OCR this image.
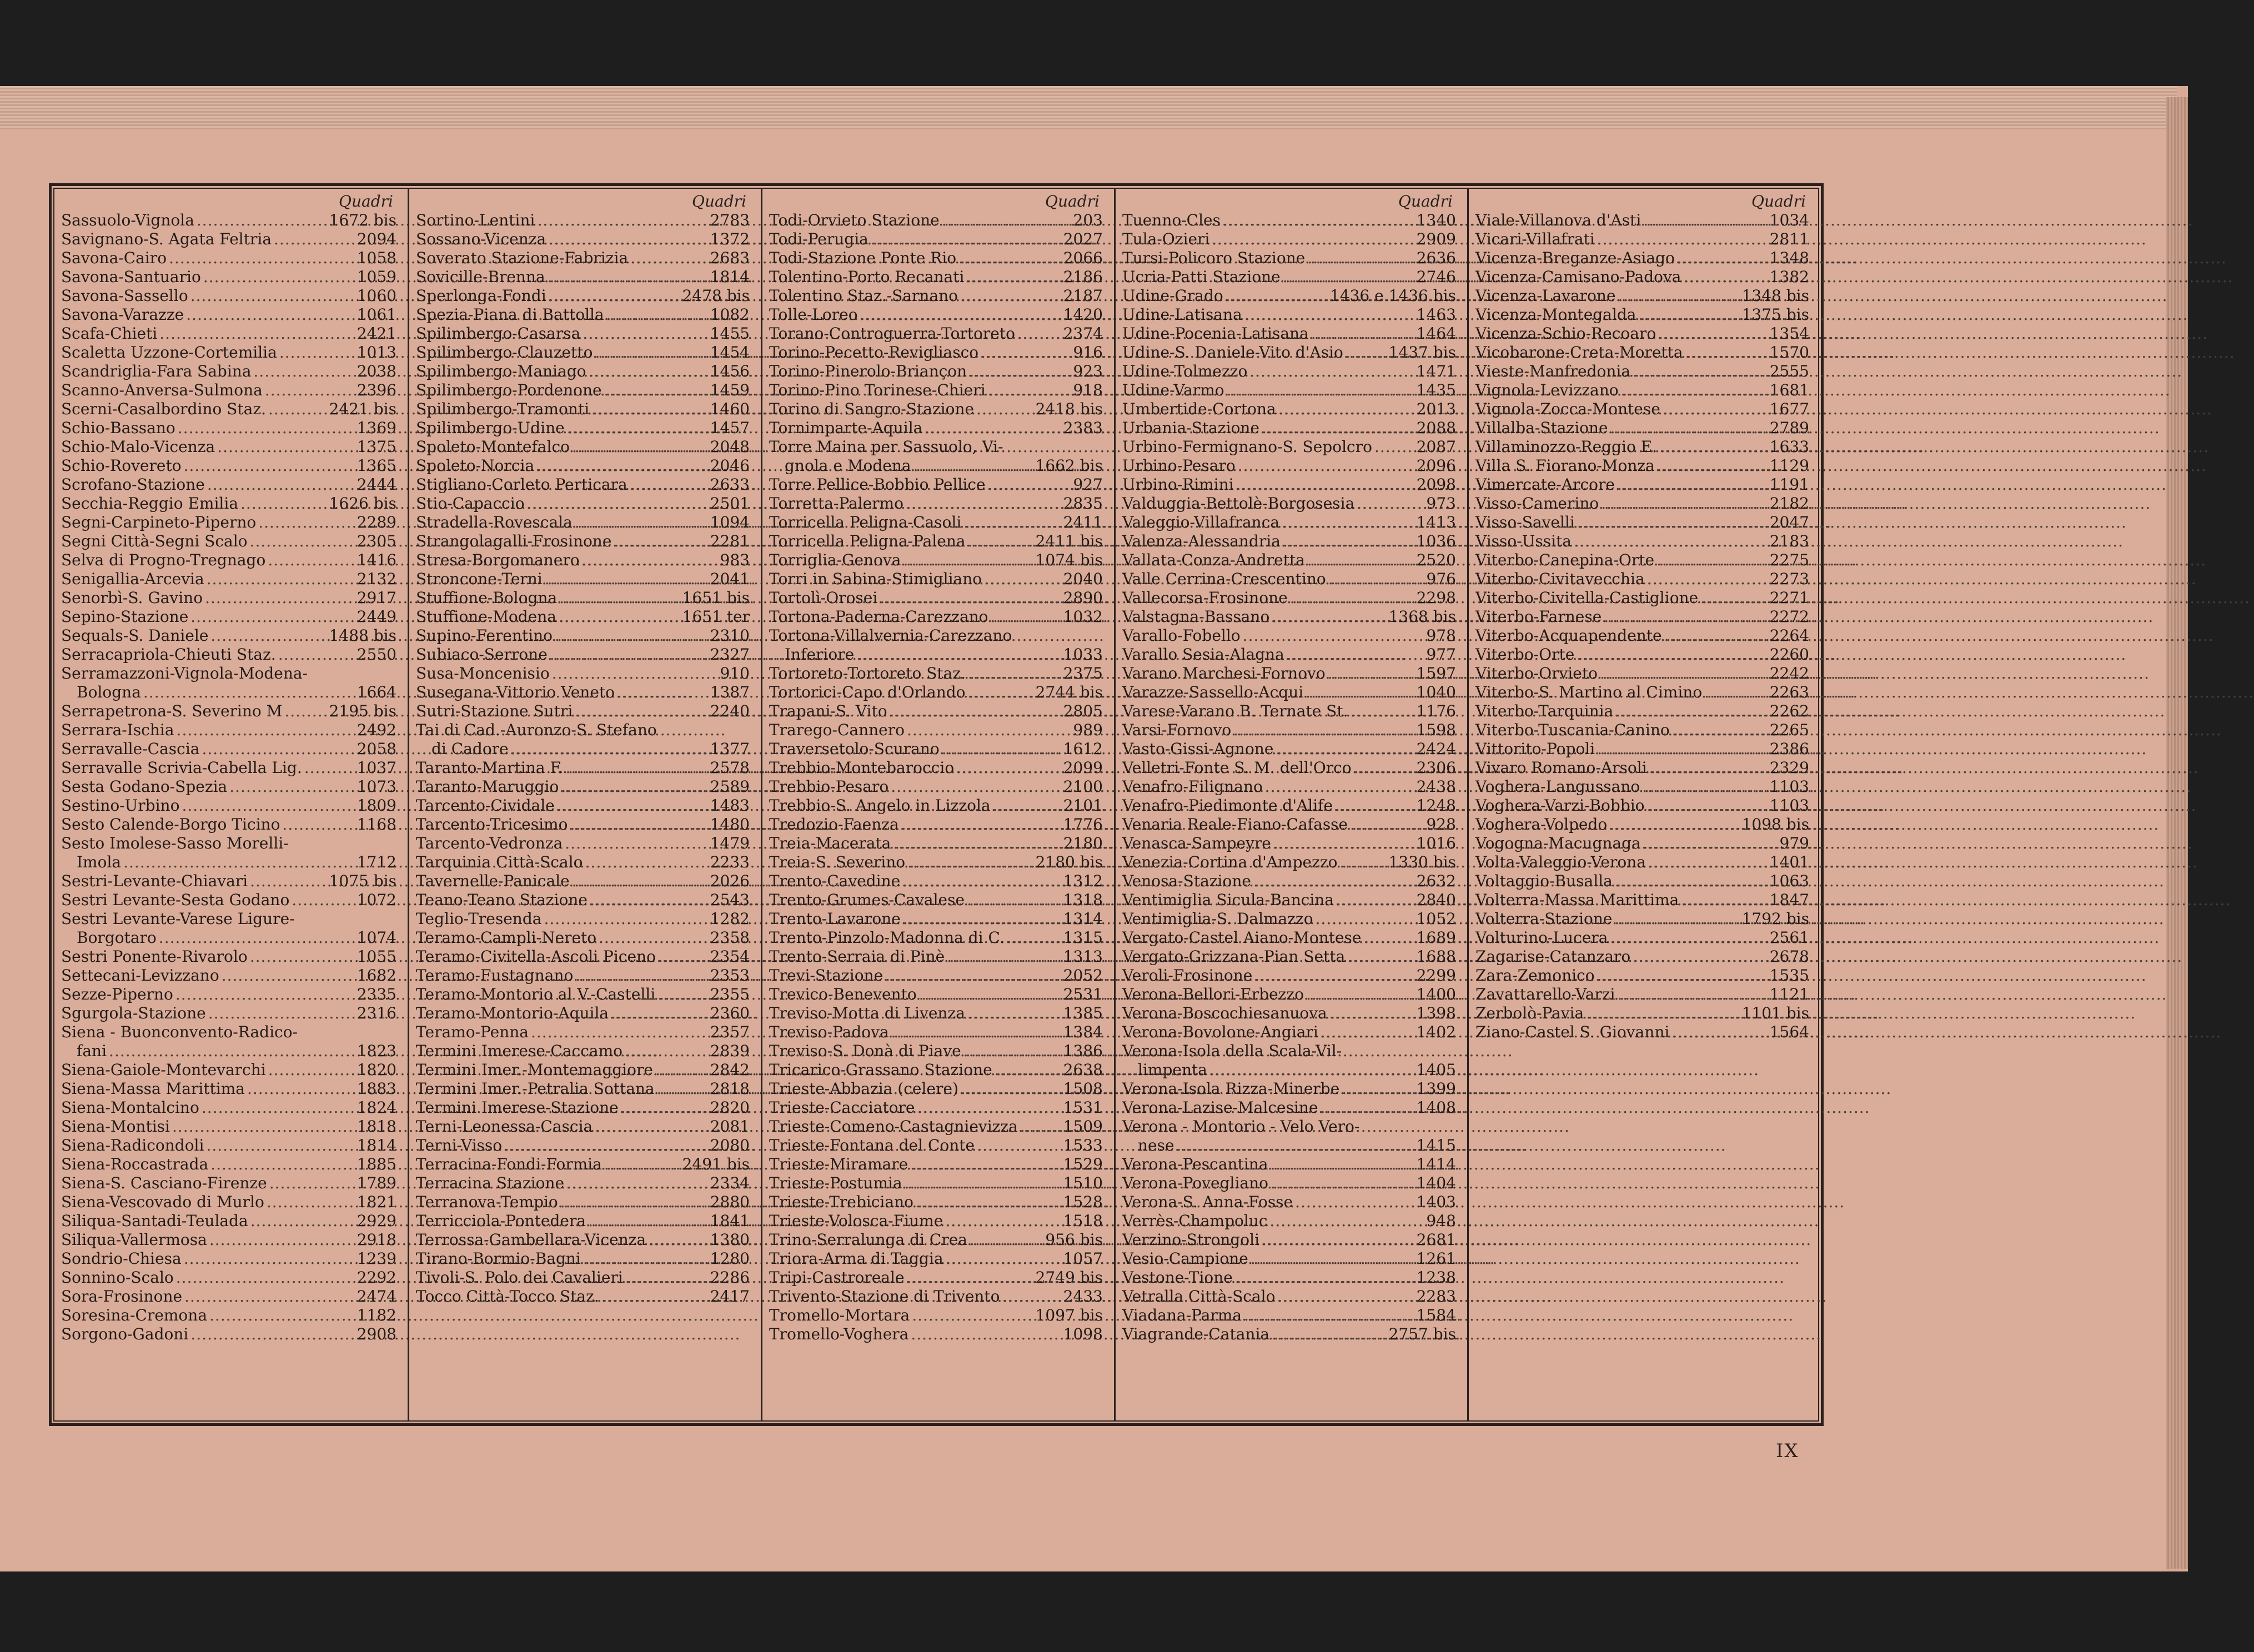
Quadri
Sassuolo-Vignola .....	1672 bis
Savignano-S. Agata Feltria .....	2094
Savona-Cairo .....	1058
Savona-Santuario .....	1059
Savona-Sassello .....	1060
Savona-Varazze .....	1061
Scafa-Chieti .....	2421
Scaletta Uzzone-Cortemilia .....	1013
Scandriglia-Fara Sabina .....	2038
Scanno-Anversa-Sulmona .....	2396
Scerni-Casalbordino Staz. .....	2421 bis
Schio-Bassano .....	1369
Schio-Malo-Vicenza .....	1375
Schio-Rovereto .....	1365
Scrofano-Stazione .....	2444
Secchia-Reggio Emilia .....	1626 bis
Segni-Carpineto-Piperno .....	2289
Segni Città-Segni Scalo .....	2305
Selva di Progno-Tregnago .....	1416
Senigallia-Arcevia .....	2132
Senorbì-S. Gavino .....	2917
Sepino-Stazione .....	2449
Sequals-S. Daniele .....	1488 bis
Serracapriola-Chieuti Staz. .....	2550
Serramazzoni-Vignola-Modena-
Bologna .....	1664
Serrapetrona-S. Severino M .....	2195 bis
Serrara-Ischia .....	2492
Serravalle-Cascia .....	2058
Serravalle Scrivia-Cabella Lig. .....	1037
Sesta Godano-Spezia .....	1073
Sestino-Urbino .....	1809
Sesto Calende-Borgo Ticino .....	1168
Sesto Imolese-Sasso Morelli-
Imola .....	1712
Sestri-Levante-Chiavari .....	1075 bis
Sestri Levante-Sesta Godano .....	1072
Sestri Levante-Varese Ligure-
Borgotaro .....	1074
Sestri Ponente-Rivarolo .....	1055
Settecani-Levizzano .....	1682
Sezze-Piperno .....	2335
Sgurgola-Stazione .....	2316
Siena - Buonconvento-Radico-
fani .....	1823
Siena-Gaiole-Montevarchi .....	1820
Siena-Massa Marittima .....	1883
Siena-Montalcino .....	1824
Siena-Montisi .....	1818
Siena-Radicondoli .....	1814
Siena-Roccastrada .....	1885
Siena-S. Casciano-Firenze .....	1789
Siena-Vescovado di Murlo .....	1821
Siliqua-Santadi-Teulada .....	2929
Siliqua-Vallermosa .....	2918
Sondrio-Chiesa .....	1239
Sonnino-Scalo .....	2292
Sora-Frosinone .....	2474
Soresina-Cremona .....	1182
Sorgono-Gadoni .....	2908
Quadri
Sortino-Lentini .....	2783
Sossano-Vicenza .....	1372
Soverato Stazione-Fabrizia .....	2683
Sovicille-Brenna .....	1814
Sperlonga-Fondi .....	2478 bis
Spezia-Piana di Battolla .....	1082
Spilimbergo-Casarsa .....	1455
Spilimbergo-Clauzetto .....	1454
Spilimbergo-Maniago .....	1456
Spilimbergo-Pordenone .....	1459
Spilimbergo-Tramonti .....	1460
Spilimbergo-Udine .....	1457
Spoleto-Montefalco .....	2048
Spoleto-Norcia .....	2046
Stigliano-Corleto Perticara .....	2633
Stio-Capaccio .....	2501
Stradella-Rovescala .....	1094
Strangolagalli-Frosinone .....	2281
Stresa-Borgomanero .....	983
Stroncone-Terni .....	2041
Stuffione-Bologna .....	1651 bis
Stuffione-Modena .....	1651 ter
Supino-Ferentino .....	2310
Subiaco-Serrone .....	2327
Susa-Moncenisio .....	910
Susegana-Vittorio Veneto .....	1387
Sutri-Stazione Sutri .....	2240
Tai di Cad.-Auronzo-S. Stefano
di Cadore .....	1377
Taranto-Martina F. .....	2578
Taranto-Maruggio .....	2589
Tarcento-Cividale .....	1483
Tarcento-Tricesimo .....	1480
Tarcento-Vedronza .....	1479
Tarquinia Città-Scalo .....	2233
Tavernelle-Panicale .....	2026
Teano-Teano Stazione .....	2543
Teglio-Tresenda .....	1282
Teramo-Campli-Nereto .....	2358
Teramo-Civitella-Ascoli Piceno .....	2354
Teramo-Fustagnano .....	2353
Teramo-Montorio al V.-Castelli .....	2355
Teramo-Montorio-Aquila .....	2360
Teramo-Penna .....	2357
Termini Imerese-Caccamo .....	2839
Termini Imer.-Montemaggiore .....	2842
Termini Imer.-Petralia Sottana .....	2818
Termini Imerese-Stazione .....	2820
Terni-Leonessa-Cascia .....	2081
Terni-Visso .....	2080
Terracina-Fondi-Formia .....	2491 bis
Terracina Stazione .....	2334
Terranova-Tempio .....	2880
Terricciola-Pontedera .....	1841
Terrossa-Gambellara-Vicenza .....	1380
Tirano-Bormio-Bagni .....	1280
Tivoli-S. Polo dei Cavalieri .....	2286
Tocco Città-Tocco Staz. .....	2417
Quadri
Todi-Orvieto Stazione .....	203
Todi-Perugia .....	2027
Todi-Stazione Ponte Rio .....	2066
Tolentino-Porto Recanati .....	2186
Tolentino Staz.-Sarnano .....	2187
Tolle-Loreo .....	1420
Torano-Controguerra-Tortoreto .....	2374
Torino-Pecetto-Revigliasco .....	916
Torino-Pinerolo-Briançon .....	923
Torino-Pino Torinese-Chieri .....	918
Torino di Sangro-Stazione .....	2418 bis
Tornimparte-Aquila .....	2383
Torre Maina per Sassuolo, Vi-
gnola e Modena .....	1662 bis
Torre Pellice-Bobbio Pellice .....	927
Torretta-Palermo .....	2835
Torricella Peligna-Casoli .....	2411
Torricella Peligna-Palena .....	2411 bis
Torriglia-Genova .....	1074 bis
Torri in Sabina-Stimigliano .....	2040
Tortolì-Orosei .....	2890
Tortona-Paderna-Carezzano .....	1032
Tortona-Villalvernia-Carezzano
Inferiore .....	1033
Tortoreto-Tortoreto Staz. .....	2375
Tortorici-Capo d'Orlando .....	2744 bis
Trapani-S. Vito .....	2805
Trarego-Cannero .....	989
Traversetolo-Scurano .....	1612
Trebbio-Montebaroccio .....	2099
Trebbio-Pesaro .....	2100
Trebbio-S. Angelo in Lizzola .....	2101
Tredozio-Faenza .....	1776
Treia-Macerata .....	2180
Treia-S. Severino .....	2180 bis
Trento-Cavedine .....	1312
Trento-Grumes-Cavalese .....	1318
Trento-Lavarone .....	1314
Trento-Pinzolo-Madonna di C. .....	1315
Trento-Serraia di Pinè .....	1313
Trevi-Stazione .....	2052
Trevico-Benevento .....	2531
Treviso-Motta di Livenza .....	1385
Treviso-Padova .....	1384
Treviso-S. Donà di Piave .....	1386
Tricarico-Grassano Stazione .....	2638
Trieste-Abbazia (celere) .....	1508
Trieste-Cacciatore .....	1531
Trieste-Comeno-Castagnievizza .....	1509
Trieste-Fontana del Conte .....	1533
Trieste-Miramare .....	1529
Trieste-Postumia .....	1510
Trieste-Trebiciano .....	1528
Trieste-Volosca-Fiume .....	1518
Trino-Serralunga di Crea .....	956 bis
Triora-Arma di Taggia .....	1057
Tripi-Castroreale .....	2749 bis
Trivento-Stazione di Trivento .....	2433
Tromello-Mortara .....	1097 bis
Tromello-Voghera .....	1098
Quadri
Tuenno-Cles .....	1340
Tula-Ozieri .....	2909
Tursi-Policoro Stazione .....	2636
Ucria-Patti Stazione .....	2746
Udine-Grado .....	1436 e 1436 bis
Udine-Latisana .....	1463
Udine-Pocenia-Latisana .....	1464
Udine-S. Daniele-Vito d'Asio .....	1437 bis
Udine-Tolmezzo .....	1471
Udine-Varmo .....	1435
Umbertide-Cortona .....	2013
Urbania-Stazione .....	2088
Urbino-Fermignano-S. Sepolcro .....	2087
Urbino-Pesaro .....	2096
Urbino-Rimini .....	2098
Valduggia-Bettolè-Borgosesia .....	973
Valeggio-Villafranca .....	1413
Valenza-Alessandria .....	1036
Vallata-Conza-Andretta .....	2520
Valle Cerrina-Crescentino .....	976
Vallecorsa-Frosinone .....	2298
Valstagna-Bassano .....	1368 bis
Varallo-Fobello .....	978
Varallo Sesia-Alagna .....	977
Varano Marchesi-Fornovo .....	1597
Varazze-Sassello-Acqui .....	1040
Varese-Varano B. Ternate St. .....	1176
Varsi-Fornovo .....	1598
Vasto-Gissi-Agnone .....	2424
Velletri-Fonte S. M. dell'Orco .....	2306
Venafro-Filignano .....	2438
Venafro-Piedimonte d'Alife .....	1248
Venaria Reale-Fiano-Cafasse .....	928
Venasca-Sampeyre .....	1016
Venezia-Cortina d'Ampezzo .....	1330 bis
Venosa-Stazione .....	2632
Ventimiglia Sicula-Bancina .....	2840
Ventimiglia-S. Dalmazzo .....	1052
Vergato-Castel Aiano-Montese .....	1689
Vergato-Grizzana-Pian Setta .....	1688
Veroli-Frosinone .....	2299
Verona-Bellori-Erbezzo .....	1400
Verona-Boscochiesanuova .....	1398
Verona-Bovolone-Angiari .....	1402
Verona-Isola della Scala-Vil-
limpenta .....	1405
Verona-Isola Rizza-Minerbe .....	1399
Verona-Lazise-Malcesine .....	1408
Verona - Montorio - Velo Vero-
nese .....	1415
Verona-Pescantina .....	1414
Verona-Povegliano .....	1404
Verona-S. Anna-Fosse .....	1403
Verrès-Champoluc .....	948
Verzino-Strongoli .....	2681
Vesio-Campione .....	1261
Vestone-Tione .....	1238
Vetralla Città-Scalo .....	2283
Viadana-Parma .....	1584
Viagrande-Catania .....	2757 bis
Quadri
Viale-Villanova d'Asti .....	1034
Vicari-Villafrati .....	2811
Vicenza-Breganze-Asiago .....	1348
Vicenza-Camisano-Padova .....	1382
Vicenza-Lavarone .....	1348 bis
Vicenza-Montegalda .....	1375 bis
Vicenza-Schio-Recoaro .....	1354
Vicobarone-Creta-Moretta .....	1570
Vieste-Manfredonia .....	2555
Vignola-Levizzano .....	1681
Vignola-Zocca-Montese .....	1677
Villalba-Stazione .....	2789
Villaminozzo-Reggio E. .....	1633
Villa S. Fiorano-Monza .....	1129
Vimercate-Arcore .....	1191
Visso-Camerino .....	2182
Visso-Savelli .....	2047
Visso-Ussita .....	2183
Viterbo-Canepina-Orte .....	2275
Viterbo-Civitavecchia .....	2273
Viterbo-Civitella-Castiglione .....	2271
Viterbo-Farnese .....	2272
Viterbo-Acquapendente .....	2264
Viterbo-Orte .....	2260
Viterbo-Orvieto .....	2242
Viterbo-S. Martino al Cimino .....	2263
Viterbo-Tarquinia .....	2262
Viterbo-Tuscania-Canino .....	2265
Vittorito-Popoli .....	2386
Vivaro Romano-Arsoli .....	2329
Voghera-Langussano .....	1103
Voghera-Varzi-Bobbio .....	1103
Voghera-Volpedo .....	1098 bis
Vogogna-Macugnaga .....	979
Volta-Valeggio-Verona .....	1401
Voltaggio-Busalla .....	1063
Volterra-Massa Marittima .....	1847
Volterra-Stazione .....	1792 bis
Volturino-Lucera .....	2561
Zagarise-Catanzaro .....	2678
Zara-Zemonico .....	1535
Zavattarello-Varzi .....	1121
Zerbolò-Pavia .....	1101 bis
Ziano-Castel S. Giovanni .....	1564
IX
